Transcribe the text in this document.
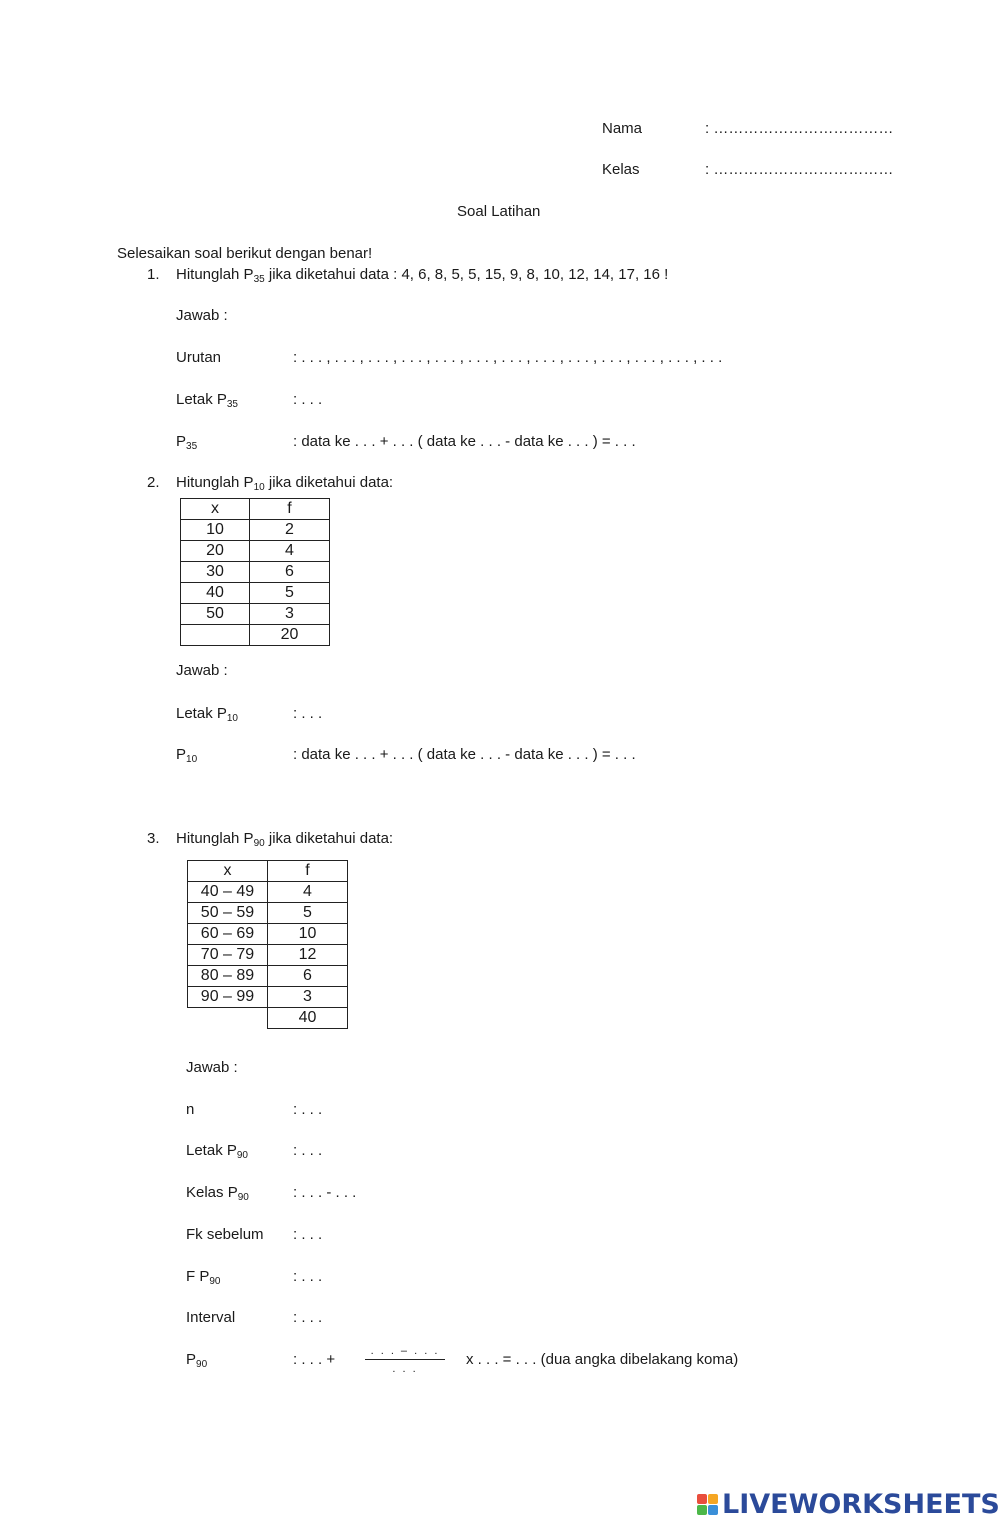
Nama	: ………………………………
Kelas	: ………………………………
Soal Latihan
Selesaikan soal berikut dengan benar!
1. Hitunglah $P_{35}$ jika diketahui data : 4, 6, 8, 5, 5, 15, 9, 8, 10, 12, 14, 17, 16 !
Jawab :
Urutan	: . . . , . . . , . . . , . . . , . . . , . . . , . . . , . . . , . . . , . . . , . . . , . . . , . . .
Letak $P_{35}$	: . . .
$P_{35}$	: data ke . . . + . . . ( data ke . . . - data ke . . . ) = . . .
2. Hitunglah $P_{10}$ jika diketahui data:
x	f
10	2
20	4
30	6
40	5
50	3
	20
Jawab :
Letak $P_{10}$	: . . .
$P_{10}$	: data ke . . . + . . . ( data ke . . . - data ke . . . ) = . . .
3. Hitunglah $P_{90}$ jika diketahui data:
x	f
40 – 49	4
50 – 59	5
60 – 69	10
70 – 79	12
80 – 89	6
90 – 99	3
	40
Jawab :
n	: . . .
Letak $P_{90}$	: . . .
Kelas $P_{90}$	: . . . - . . .
Fk sebelum : . . .
F $P_{90}$	: . . .
Interval	: . . .
$P_{90}$	: . . . +	. . . – . . .
. . .
x . . . = . . . (dua angka dibelakang koma)
LIVEWORKSHEETS
